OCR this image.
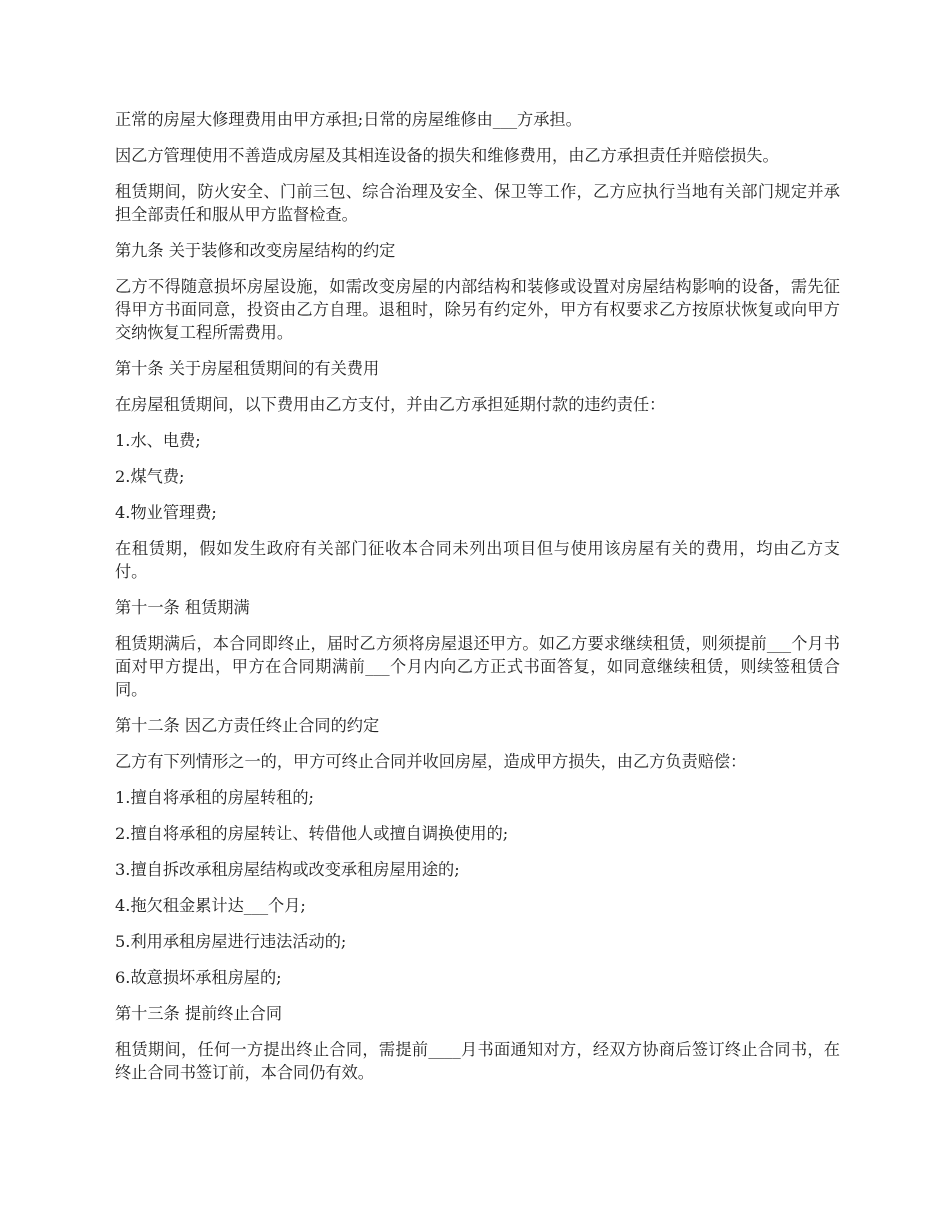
正常的房屋大修理费用由甲方承担;日常的房屋维修由___方承担。

因乙方管理使用不善造成房屋及其相连设备的损失和维修费用，由乙方承担责任并赔偿损失。

租赁期间，防火安全、门前三包、综合治理及安全、保卫等工作，乙方应执行当地有关部门规定并承担全部责任和服从甲方监督检查。

第九条 关于装修和改变房屋结构的约定

乙方不得随意损坏房屋设施，如需改变房屋的内部结构和装修或设置对房屋结构影响的设备，需先征得甲方书面同意，投资由乙方自理。退租时，除另有约定外，甲方有权要求乙方按原状恢复或向甲方交纳恢复工程所需费用。

第十条 关于房屋租赁期间的有关费用

在房屋租赁期间，以下费用由乙方支付，并由乙方承担延期付款的违约责任：

1.水、电费;

2.煤气费;

4.物业管理费;

在租赁期，假如发生政府有关部门征收本合同未列出项目但与使用该房屋有关的费用，均由乙方支付。

第十一条 租赁期满

租赁期满后，本合同即终止，届时乙方须将房屋退还甲方。如乙方要求继续租赁，则须提前___个月书面对甲方提出，甲方在合同期满前___个月内向乙方正式书面答复，如同意继续租赁，则续签租赁合同。

第十二条 因乙方责任终止合同的约定

乙方有下列情形之一的，甲方可终止合同并收回房屋，造成甲方损失，由乙方负责赔偿：

1.擅自将承租的房屋转租的;

2.擅自将承租的房屋转让、转借他人或擅自调换使用的;

3.擅自拆改承租房屋结构或改变承租房屋用途的;

4.拖欠租金累计达___个月;

5.利用承租房屋进行违法活动的;

6.故意损坏承租房屋的;

第十三条 提前终止合同

租赁期间，任何一方提出终止合同，需提前____月书面通知对方，经双方协商后签订终止合同书，在终止合同书签订前，本合同仍有效。
